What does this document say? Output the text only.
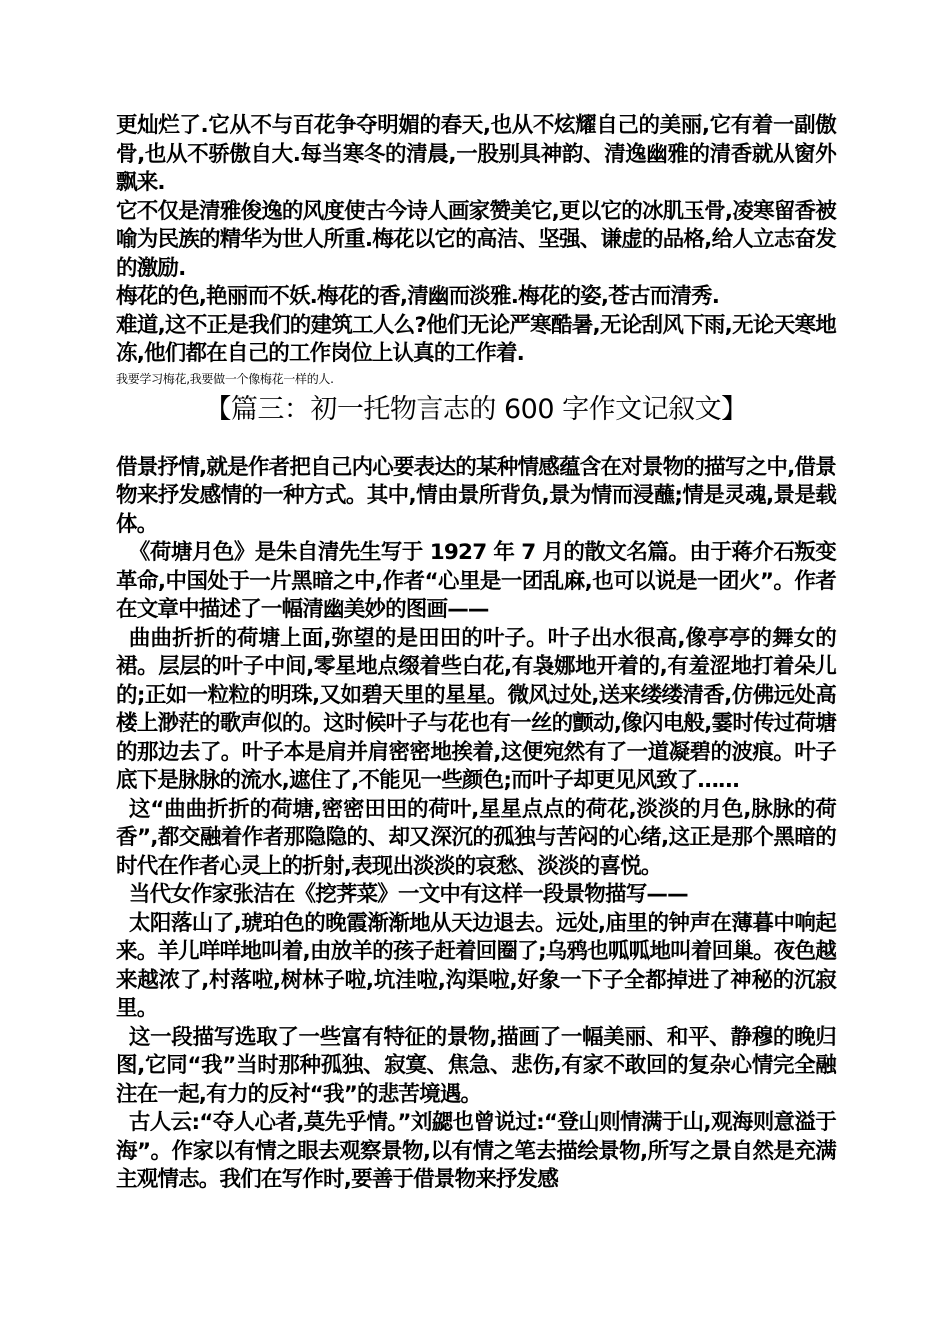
更灿烂了.它从不与百花争夺明媚的春天,也从不炫耀自己的美丽,它有着一副傲骨,也从不骄傲自大.每当寒冬的清晨,一股别具神韵、清逸幽雅的清香就从窗外飘来.

它不仅是清雅俊逸的风度使古今诗人画家赞美它,更以它的冰肌玉骨,凌寒留香被喻为民族的精华为世人所重.梅花以它的高洁、坚强、谦虚的品格,给人立志奋发的激励.

梅花的色,艳丽而不妖.梅花的香,清幽而淡雅.梅花的姿,苍古而清秀.

难道,这不正是我们的建筑工人么?他们无论严寒酷暑,无论刮风下雨,无论天寒地冻,他们都在自己的工作岗位上认真的工作着.

我要学习梅花,我要做一个像梅花一样的人.

【篇三：初一托物言志的 600 字作文记叙文】

借景抒情,就是作者把自己内心要表达的某种情感蕴含在对景物的描写之中,借景物来抒发感情的一种方式。其中,情由景所背负,景为情而浸蘸;情是灵魂,景是载体。

《荷塘月色》是朱自清先生写于 1927 年 7 月的散文名篇。由于蒋介石叛变革命,中国处于一片黑暗之中,作者“心里是一团乱麻,也可以说是一团火”。作者在文章中描述了一幅清幽美妙的图画——

曲曲折折的荷塘上面,弥望的是田田的叶子。叶子出水很高,像亭亭的舞女的裙。层层的叶子中间,零星地点缀着些白花,有袅娜地开着的,有羞涩地打着朵儿的;正如一粒粒的明珠,又如碧天里的星星。微风过处,送来缕缕清香,仿佛远处高楼上渺茫的歌声似的。这时候叶子与花也有一丝的颤动,像闪电般,霎时传过荷塘的那边去了。叶子本是肩并肩密密地挨着,这便宛然有了一道凝碧的波痕。叶子底下是脉脉的流水,遮住了,不能见一些颜色;而叶子却更见风致了……

这“曲曲折折的荷塘,密密田田的荷叶,星星点点的荷花,淡淡的月色,脉脉的荷香”,都交融着作者那隐隐的、却又深沉的孤独与苦闷的心绪,这正是那个黑暗的时代在作者心灵上的折射,表现出淡淡的哀愁、淡淡的喜悦。

当代女作家张洁在《挖荠菜》一文中有这样一段景物描写——

太阳落山了,琥珀色的晚霞渐渐地从天边退去。远处,庙里的钟声在薄暮中响起来。羊儿咩咩地叫着,由放羊的孩子赶着回圈了;乌鸦也呱呱地叫着回巢。夜色越来越浓了,村落啦,树林子啦,坑洼啦,沟渠啦,好象一下子全都掉进了神秘的沉寂里。

这一段描写选取了一些富有特征的景物,描画了一幅美丽、和平、静穆的晚归图,它同“我”当时那种孤独、寂寞、焦急、悲伤,有家不敢回的复杂心情完全融注在一起,有力的反衬“我”的悲苦境遇。

古人云:“夺人心者,莫先乎情。”刘勰也曾说过:“登山则情满于山,观海则意溢于海”。作家以有情之眼去观察景物,以有情之笔去描绘景物,所写之景自然是充满主观情志。我们在写作时,要善于借景物来抒发感
